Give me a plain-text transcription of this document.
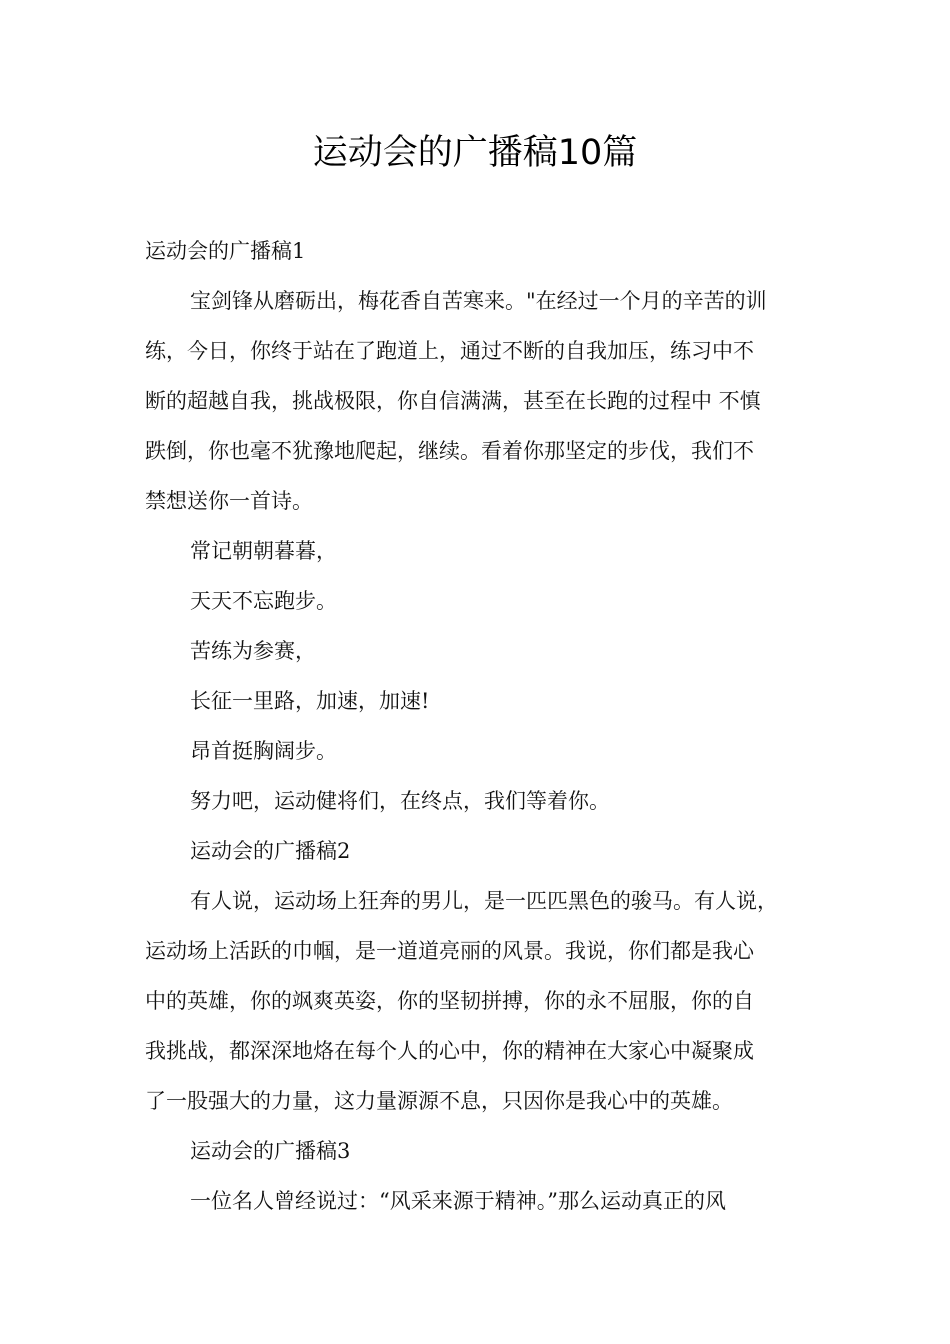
运动会的广播稿10篇
运动会的广播稿1
宝剑锋从磨砺出，梅花香自苦寒来。"在经过一个月的辛苦的训
练，今日，你终于站在了跑道上，通过不断的自我加压，练习中不
断的超越自我，挑战极限，你自信满满，甚至在长跑的过程中 不慎
跌倒，你也毫不犹豫地爬起，继续。看着你那坚定的步伐，我们不
禁想送你一首诗。
常记朝朝暮暮，
天天不忘跑步。
苦练为参赛，
长征一里路，加速，加速!
昂首挺胸阔步。
努力吧，运动健将们，在终点，我们等着你。
运动会的广播稿2
有人说，运动场上狂奔的男儿，是一匹匹黑色的骏马。有人说，
运动场上活跃的巾帼，是一道道亮丽的风景。我说，你们都是我心
中的英雄，你的飒爽英姿，你的坚韧拼搏，你的永不屈服，你的自
我挑战，都深深地烙在每个人的心中，你的精神在大家心中凝聚成
了一股强大的力量，这力量源源不息，只因你是我心中的英雄。
运动会的广播稿3
一位名人曾经说过：“风采来源于精神。”那么运动真正的风
